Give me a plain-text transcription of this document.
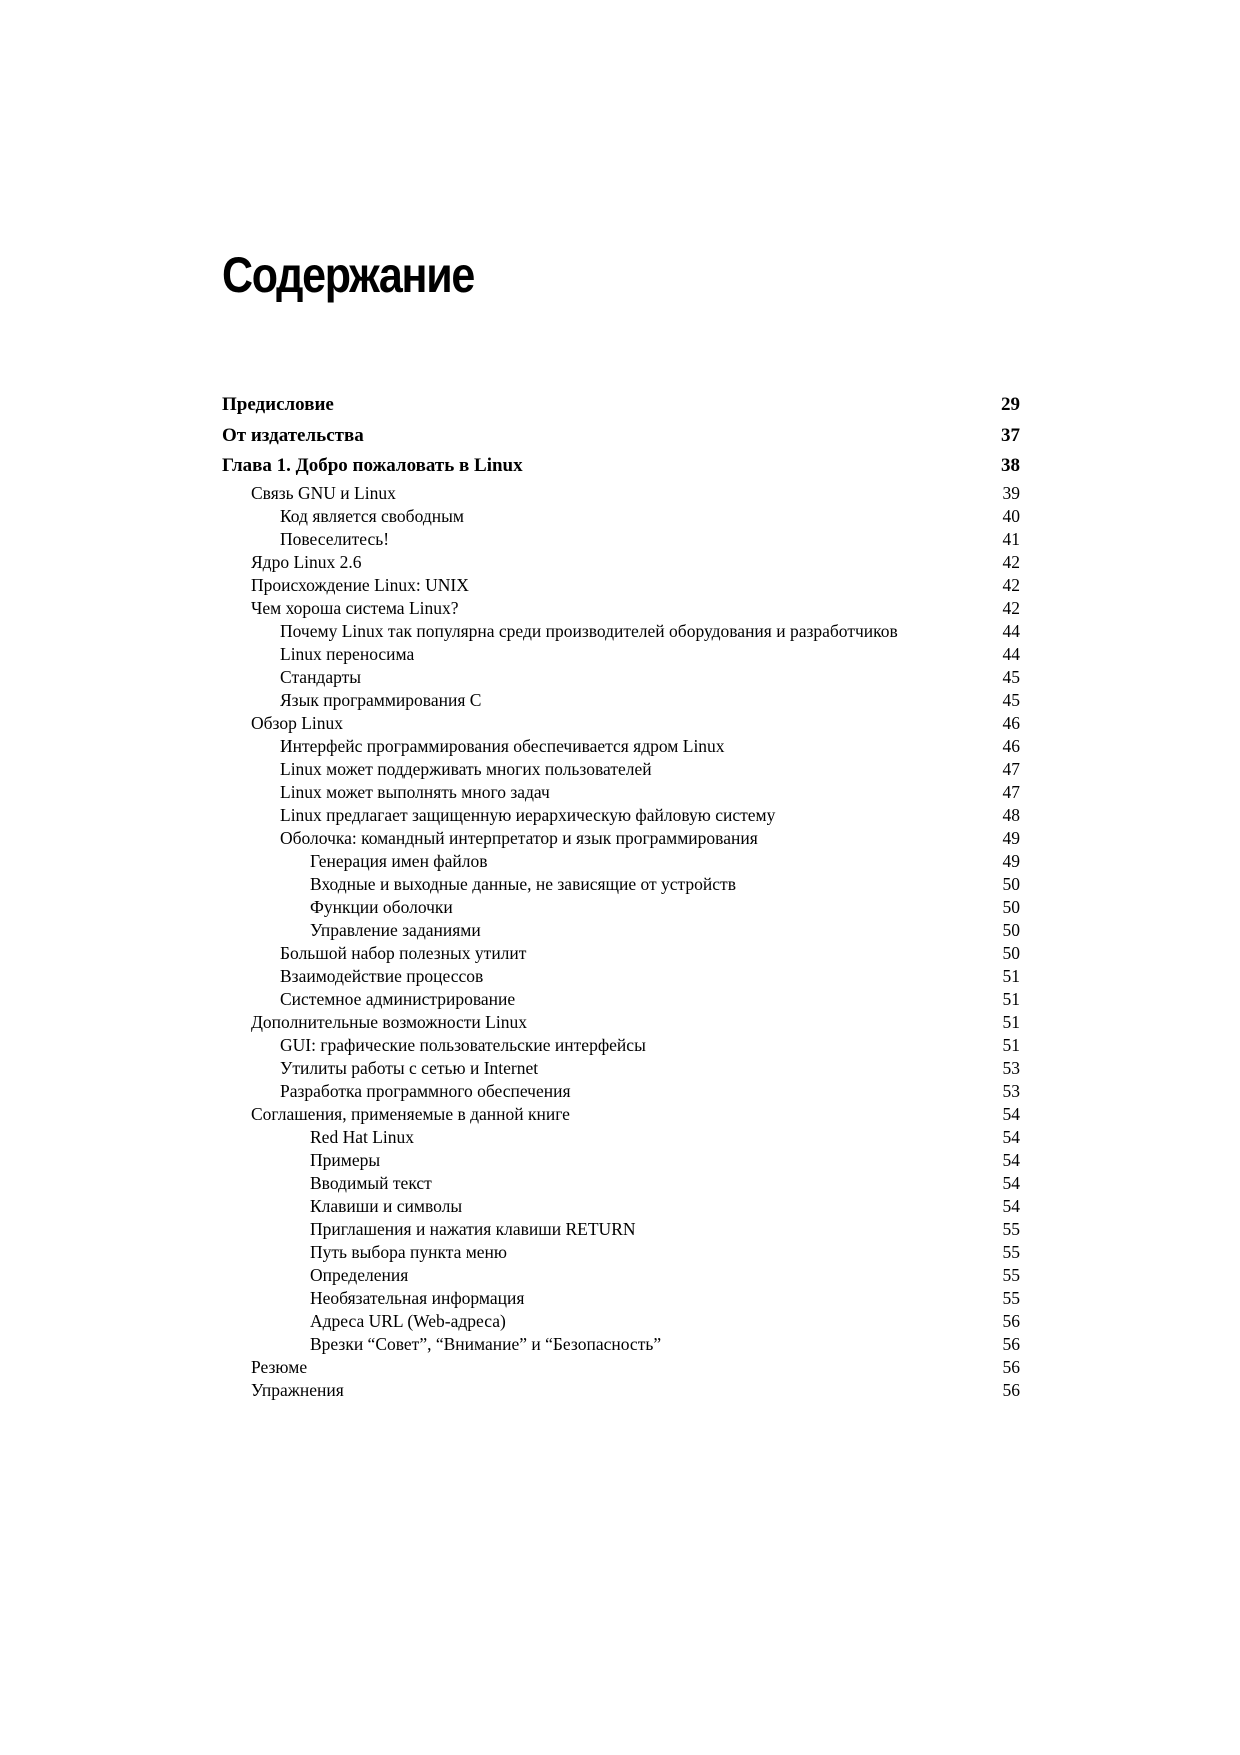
Содержание
Предисловие	29
От издательства	37
Глава 1. Добро пожаловать в Linux	38
Связь GNU и Linux	39
Код является свободным	40
Повеселитесь!	41
Ядро Linux 2.6	42
Происхождение Linux: UNIX	42
Чем хороша система Linux?	42
Почему Linux так популярна среди производителей оборудования и разработчиков	44
Linux переносима	44
Стандарты	45
Язык программирования C	45
Обзор Linux	46
Интерфейс программирования обеспечивается ядром Linux	46
Linux может поддерживать многих пользователей	47
Linux может выполнять много задач	47
Linux предлагает защищенную иерархическую файловую систему	48
Оболочка: командный интерпретатор и язык программирования	49
Генерация имен файлов	49
Входные и выходные данные, не зависящие от устройств	50
Функции оболочки	50
Управление заданиями	50
Большой набор полезных утилит	50
Взаимодействие процессов	51
Системное администрирование	51
Дополнительные возможности Linux	51
GUI: графические пользовательские интерфейсы	51
Утилиты работы с сетью и Internet	53
Разработка программного обеспечения	53
Соглашения, применяемые в данной книге	54
Red Hat Linux	54
Примеры	54
Вводимый текст	54
Клавиши и символы	54
Приглашения и нажатия клавиши RETURN	55
Путь выбора пункта меню	55
Определения	55
Необязательная информация	55
Адреса URL (Web-адреса)	56
Врезки “Совет”, “Внимание” и “Безопасность”	56
Резюме	56
Упражнения	56
